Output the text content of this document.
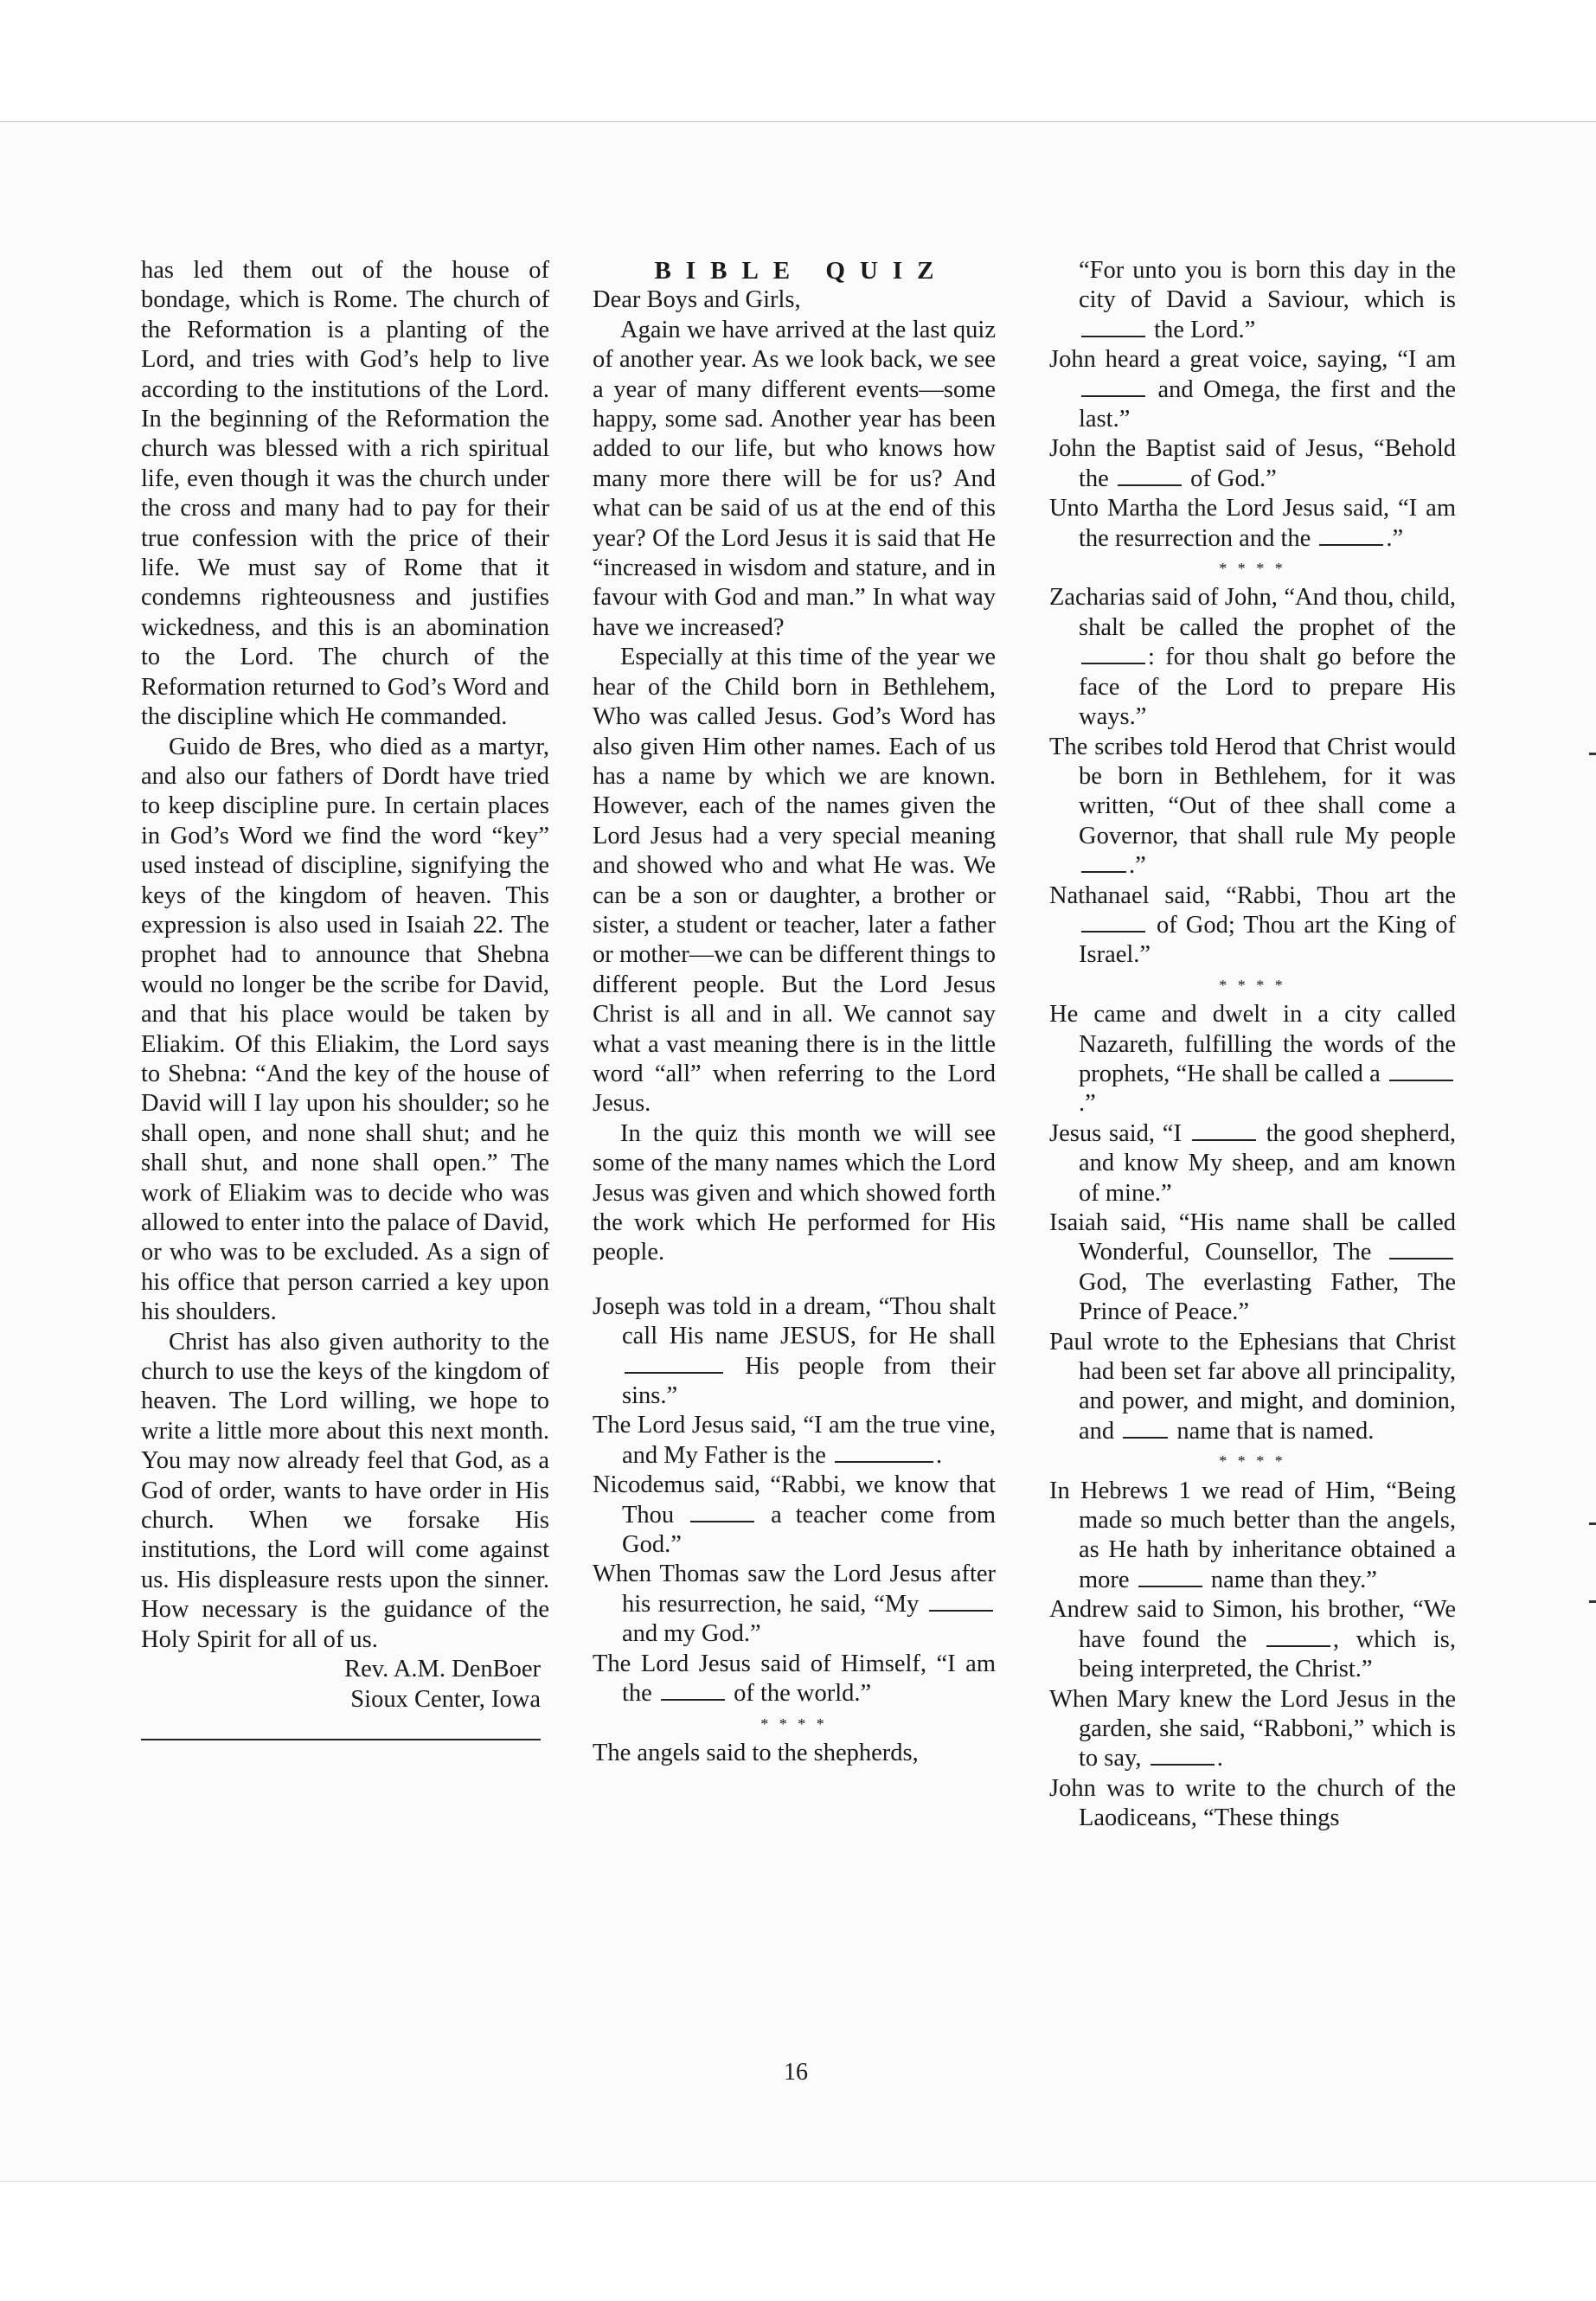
has led them out of the house of bondage, which is Rome. The church of the Reformation is a planting of the Lord, and tries with God’s help to live according to the institutions of the Lord. In the beginning of the Reformation the church was blessed with a rich spiritual life, even though it was the church under the cross and many had to pay for their true confession with the price of their life. We must say of Rome that it condemns righteousness and justifies wickedness, and this is an abomination to the Lord. The church of the Reformation returned to God’s Word and the discipline which He commanded.

Guido de Bres, who died as a martyr, and also our fathers of Dordt have tried to keep discipline pure. In certain places in God’s Word we find the word “key” used instead of discipline, signifying the keys of the kingdom of heaven. This expression is also used in Isaiah 22. The prophet had to announce that Shebna would no longer be the scribe for David, and that his place would be taken by Eliakim. Of this Eliakim, the Lord says to Shebna: “And the key of the house of David will I lay upon his shoulder; so he shall open, and none shall shut; and he shall shut, and none shall open.” The work of Eliakim was to decide who was allowed to enter into the palace of David, or who was to be excluded. As a sign of his office that person carried a key upon his shoulders.

Christ has also given authority to the church to use the keys of the kingdom of heaven. The Lord willing, we hope to write a little more about this next month. You may now already feel that God, as a God of order, wants to have order in His church. When we forsake His institutions, the Lord will come against us. His displeasure rests upon the sinner. How necessary is the guidance of the Holy Spirit for all of us.

Rev. A.M. DenBoer

Sioux Center, Iowa

BIBLE QUIZ

Dear Boys and Girls,

Again we have arrived at the last quiz of another year. As we look back, we see a year of many different events—some happy, some sad. Another year has been added to our life, but who knows how many more there will be for us? And what can be said of us at the end of this year? Of the Lord Jesus it is said that He “increased in wisdom and stature, and in favour with God and man.” In what way have we increased?

Especially at this time of the year we hear of the Child born in Bethlehem, Who was called Jesus. God’s Word has also given Him other names. Each of us has a name by which we are known. However, each of the names given the Lord Jesus had a very special meaning and showed who and what He was. We can be a son or daughter, a brother or sister, a student or teacher, later a father or mother—we can be different things to different people. But the Lord Jesus Christ is all and in all. We cannot say what a vast meaning there is in the little word “all” when referring to the Lord Jesus.

In the quiz this month we will see some of the many names which the Lord Jesus was given and which showed forth the work which He performed for His people.

Joseph was told in a dream, “Thou shalt call His name JESUS, for He shall His people from their sins.”

The Lord Jesus said, “I am the true vine, and My Father is the	.

Nicodemus said, “Rabbi, we know that Thou	a teacher come from God.”

When Thomas saw the Lord Jesus after his resurrection, he said, “My  and my God.”

The Lord Jesus said of Himself, “I am the	of the world.”

* * * *

The angels said to the shepherds,

“For unto you is born this day in the city of David a Saviour, which is  the Lord.”

John heard a great voice, saying, “I am  and Omega, the first and the last.”

John the Baptist said of Jesus, “Behold the	of God.”

Unto Martha the Lord Jesus said, “I am the resurrection and the	.”

* * * *

Zacharias said of John, “And thou, child, shalt be called the prophet of the : for thou shalt go before the face of the Lord to prepare His ways.”

The scribes told Herod that Christ would be born in Bethlehem, for it was written, “Out of thee shall come a Governor, that shall rule My people .”

Nathanael said, “Rabbi, Thou art the  of God; Thou art the King of Israel.”

* * * *

He came and dwelt in a city called Nazareth, fulfilling the words of the prophets, “He shall be called a .”

Jesus said, “I	the good shepherd, and know My sheep, and am known of mine.”

Isaiah said, “His name shall be called Wonderful, Counsellor, The  God, The everlasting Father, The Prince of Peace.”

Paul wrote to the Ephesians that Christ had been set far above all principality, and power, and might, and dominion, and	name that is named.

* * * *

In Hebrews 1 we read of Him, “Being made so much better than the angels, as He hath by inheritance obtained a more	name than they.”

Andrew said to Simon, his brother, “We have found the	, which is, being interpreted, the Christ.”

When Mary knew the Lord Jesus in the garden, she said, “Rabboni,” which is to say,	.

John was to write to the church of the Laodiceans, “These things

16
